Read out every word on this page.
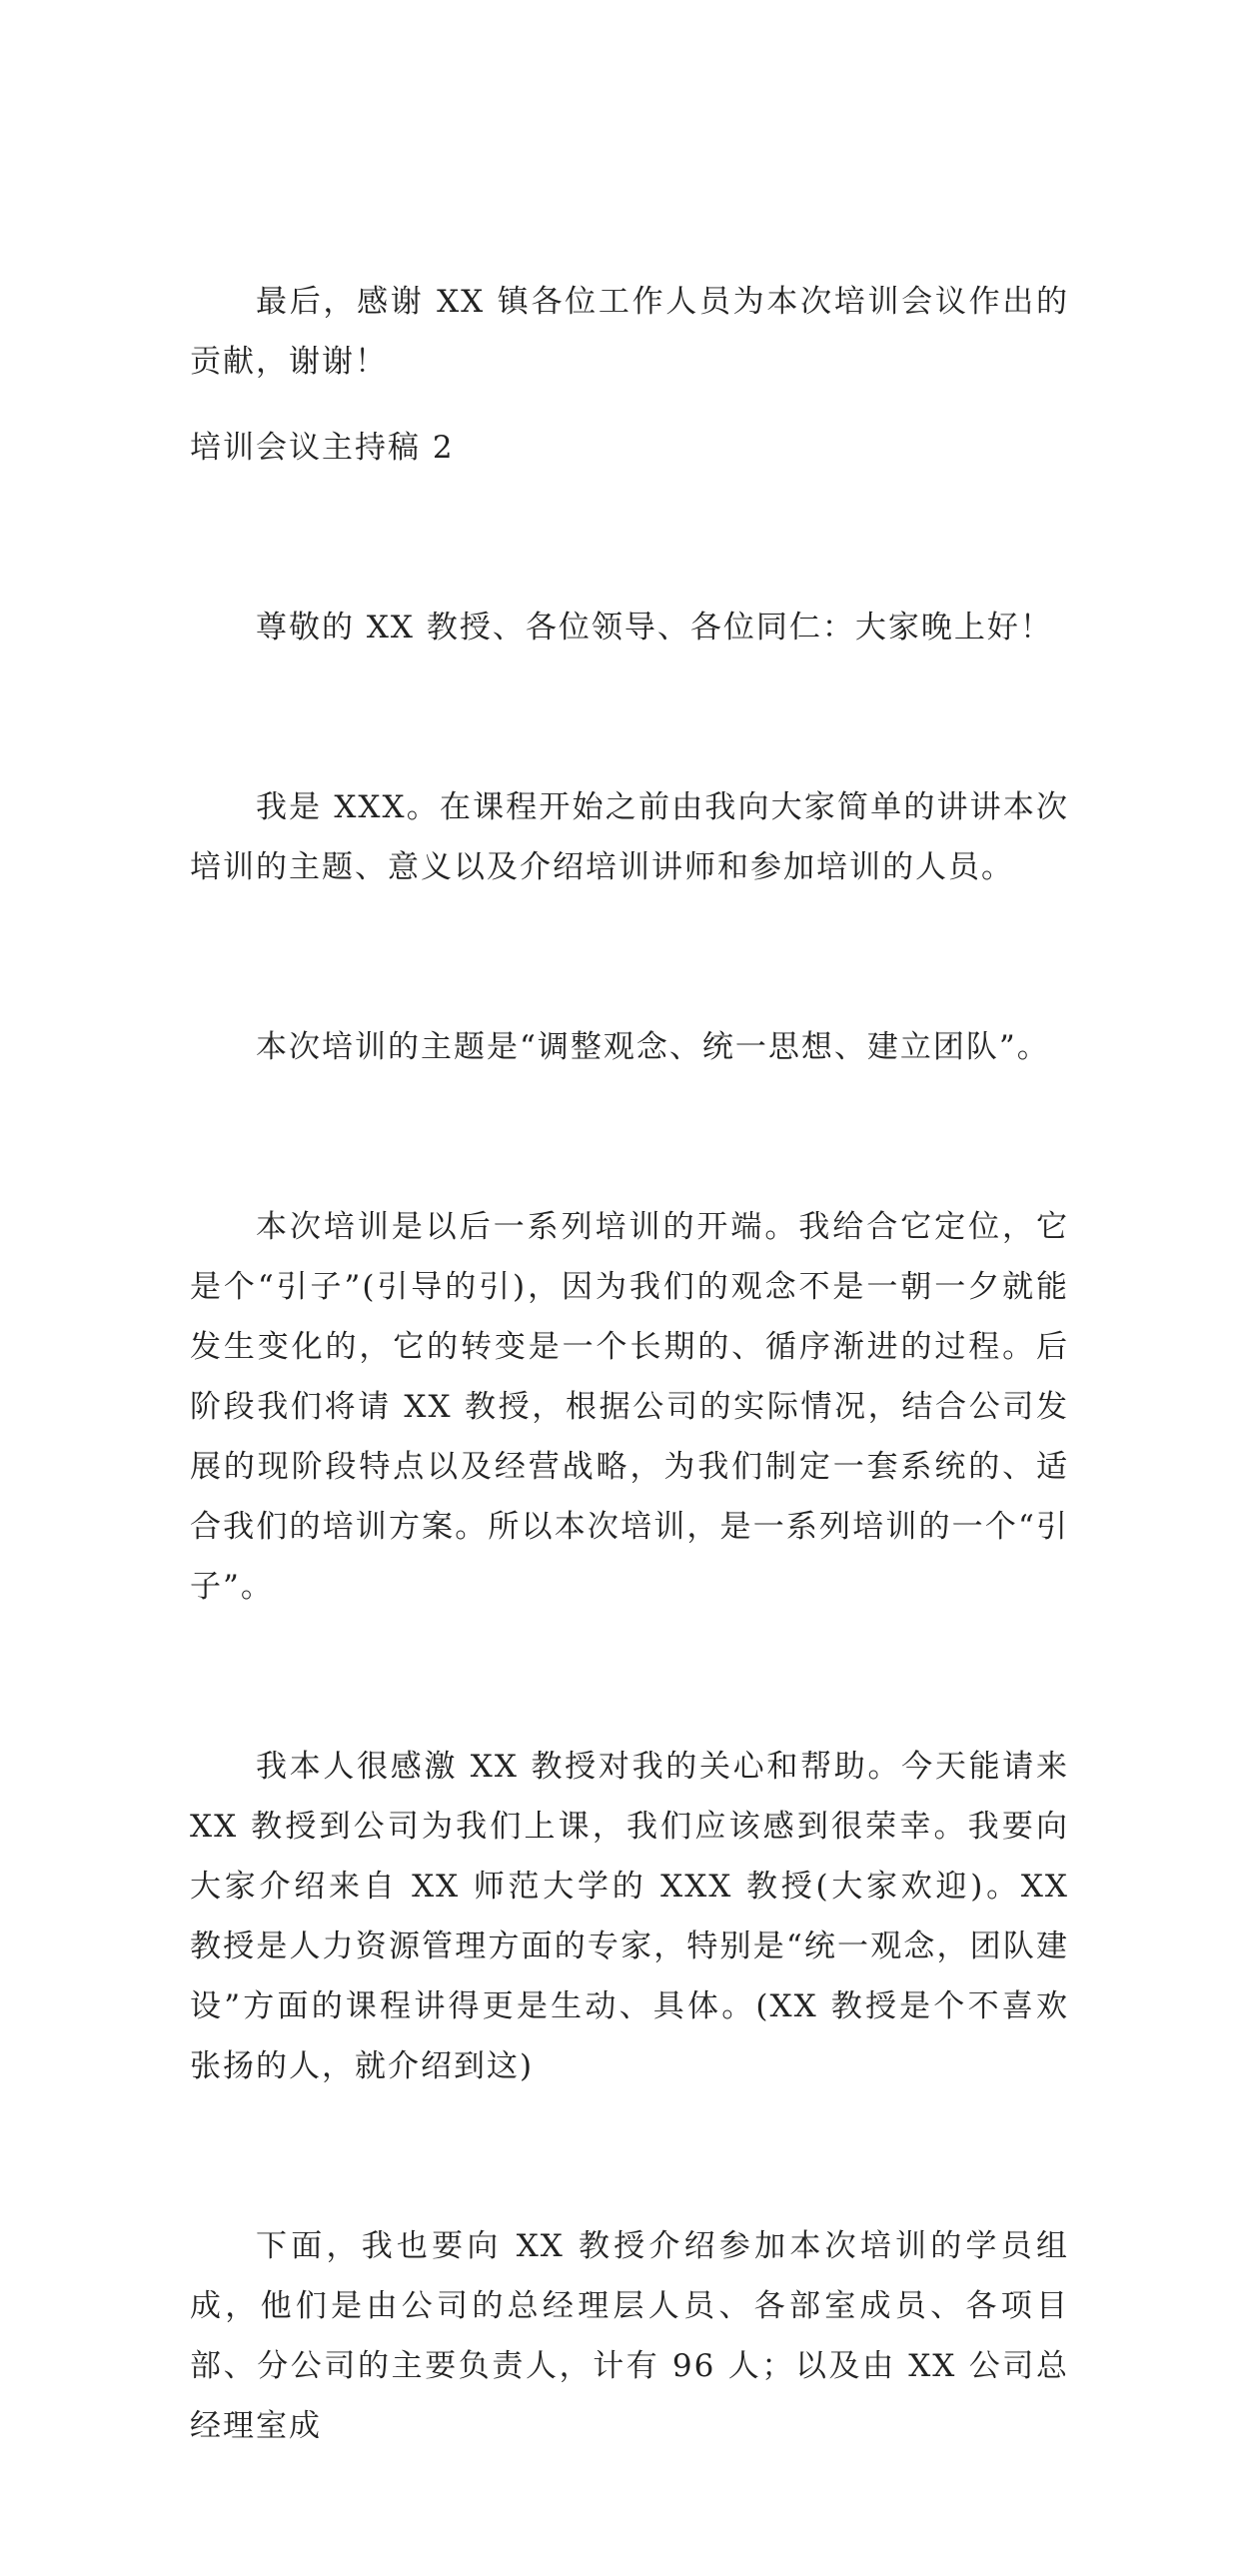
最后，感谢 XX 镇各位工作人员为本次培训会议作出的贡献，谢谢！

培训会议主持稿 2

尊敬的 XX 教授、各位领导、各位同仁：大家晚上好！

我是 XXX。在课程开始之前由我向大家简单的讲讲本次培训的主题、意义以及介绍培训讲师和参加培训的人员。

本次培训的主题是“调整观念、统一思想、建立团队”。

本次培训是以后一系列培训的开端。我给合它定位，它是个“引子”(引导的引)，因为我们的观念不是一朝一夕就能发生变化的，它的转变是一个长期的、循序渐进的过程。后阶段我们将请 XX 教授，根据公司的实际情况，结合公司发展的现阶段特点以及经营战略，为我们制定一套系统的、适合我们的培训方案。所以本次培训，是一系列培训的一个“引子”。

我本人很感激 XX 教授对我的关心和帮助。今天能请来 XX 教授到公司为我们上课，我们应该感到很荣幸。我要向大家介绍来自 XX 师范大学的 XXX 教授(大家欢迎)。XX 教授是人力资源管理方面的专家，特别是“统一观念，团队建设”方面的课程讲得更是生动、具体。(XX 教授是个不喜欢张扬的人，就介绍到这)

下面，我也要向 XX 教授介绍参加本次培训的学员组成，他们是由公司的总经理层人员、各部室成员、各项目部、分公司的主要负责人，计有 96 人；以及由 XX 公司总经理室成
